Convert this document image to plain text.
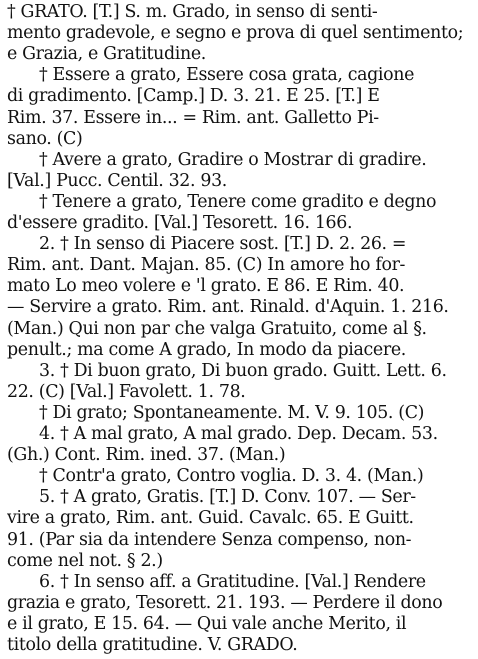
† GRATO. [T.] S. m. Grado, in senso di senti-
mento gradevole, e segno e prova di quel sentimento;
e Grazia, e Gratitudine.
† Essere a grato, Essere cosa grata, cagione
di gradimento. [Camp.] D. 3. 21. E 25. [T.] E
Rim. 37. Essere in... = Rim. ant. Galletto Pi-
sano. (C)
† Avere a grato, Gradire o Mostrar di gradire.
[Val.] Pucc. Centil. 32. 93.
† Tenere a grato, Tenere come gradito e degno
d'essere gradito. [Val.] Tesorett. 16. 166.
2. † In senso di Piacere sost. [T.] D. 2. 26. =
Rim. ant. Dant. Majan. 85. (C) In amore ho for-
mato Lo meo volere e 'l grato. E 86. E Rim. 40.
— Servire a grato. Rim. ant. Rinald. d'Aquin. 1. 216.
(Man.) Qui non par che valga Gratuito, come al §.
penult.; ma come A grado, In modo da piacere.
3. † Di buon grato, Di buon grado. Guitt. Lett. 6.
22. (C) [Val.] Favolett. 1. 78.
† Di grato; Spontaneamente. M. V. 9. 105. (C)
4. † A mal grato, A mal grado. Dep. Decam. 53.
(Gh.) Cont. Rim. ined. 37. (Man.)
† Contr'a grato, Contro voglia. D. 3. 4. (Man.)
5. † A grato, Gratis. [T.] D. Conv. 107. — Ser-
vire a grato, Rim. ant. Guid. Cavalc. 65. E Guitt.
91. (Par sia da intendere Senza compenso, non-
come nel not. § 2.)
6. † In senso aff. a Gratitudine. [Val.] Rendere
grazia e grato, Tesorett. 21. 193. — Perdere il dono
e il grato, E 15. 64. — Qui vale anche Merito, il
titolo della gratitudine. V. GRADO.
